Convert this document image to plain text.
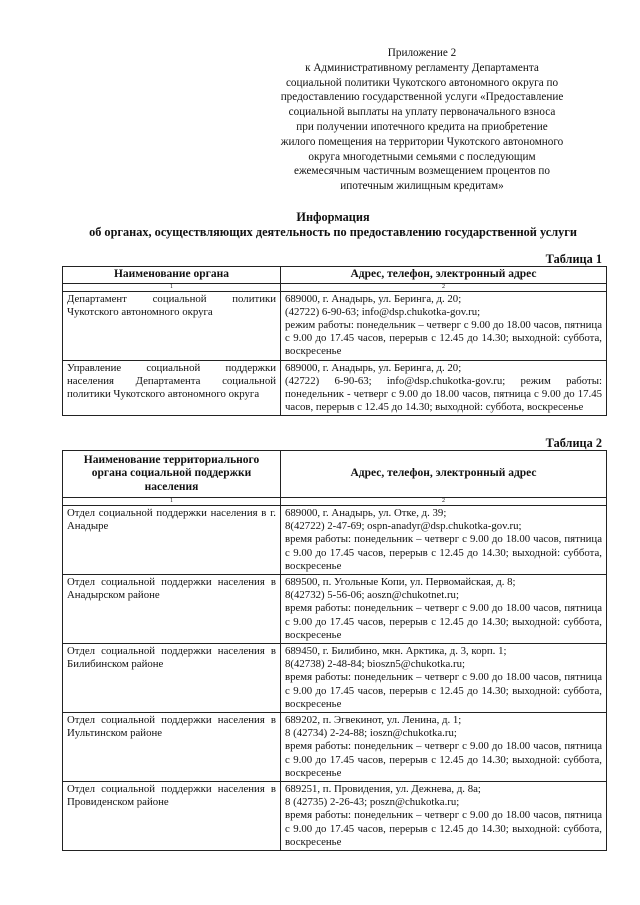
Приложение 2
к Административному регламенту Департамента
социальной политики Чукотского автономного округа по
предоставлению государственной услуги «Предоставление
социальной выплаты на уплату первоначального взноса
при получении ипотечного кредита на приобретение
жилого помещения на территории Чукотского автономного
округа многодетными семьями с последующим
ежемесячным частичным возмещением процентов по
ипотечным жилищным кредитам»
Информация
об органах, осуществляющих деятельность по предоставлению государственной услуги
Таблица 1
Наименование органа	Адрес, телефон, электронный адрес
1	2
Департамент социальной политики Чукотского автономного округа	689000, г. Анадырь, ул. Беринга, д. 20;
(42722) 6-90-63; info@dsp.chukotka-gov.ru;
режим работы: понедельник – четверг с 9.00 до 18.00 часов, пятница с 9.00 до 17.45 часов, перерыв с 12.45 до 14.30; выходной: суббота, воскресенье

Управление социальной поддержки населения Департамента социальной политики Чукотского автономного округа	689000, г. Анадырь, ул. Беринга, д. 20;
(42722) 6-90-63; info@dsp.chukotka-gov.ru; режим работы: понедельник - четверг с 9.00 до 18.00 часов, пятница с 9.00 до 17.45 часов, перерыв с 12.45 до 14.30; выходной: суббота, воскресенье
Таблица 2
Наименование территориального органа социальной поддержки населения	Адрес, телефон, электронный адрес
1	2
Отдел социальной поддержки населения в г. Анадыре	689000, г. Анадырь, ул. Отке, д. 39;
8(42722) 2-47-69; ospn-anadyr@dsp.chukotka-gov.ru;
время работы: понедельник – четверг с 9.00 до 18.00 часов, пятница с 9.00 до 17.45 часов, перерыв с 12.45 до 14.30; выходной: суббота, воскресенье

Отдел социальной поддержки населения в Анадырском районе	689500, п. Угольные Копи, ул. Первомайская, д. 8;
8(42732) 5-56-06; aoszn@chukotnet.ru;
время работы: понедельник – четверг с 9.00 до 18.00 часов, пятница с 9.00 до 17.45 часов, перерыв с 12.45 до 14.30; выходной: суббота, воскресенье

Отдел социальной поддержки населения в Билибинском районе	689450, г. Билибино, мкн. Арктика, д. 3, корп. 1;
8(42738) 2-48-84; bioszn5@chukotka.ru;
время работы: понедельник – четверг с 9.00 до 18.00 часов, пятница с 9.00 до 17.45 часов, перерыв с 12.45 до 14.30; выходной: суббота, воскресенье

Отдел социальной поддержки населения в Иультинском районе	689202, п. Эгвекинот, ул. Ленина, д. 1;
8 (42734) 2-24-88; ioszn@chukotka.ru;
время работы: понедельник – четверг с 9.00 до 18.00 часов, пятница с 9.00 до 17.45 часов, перерыв с 12.45 до 14.30; выходной: суббота, воскресенье

Отдел социальной поддержки населения в Провиденском районе	689251, п. Провидения, ул. Дежнева, д. 8а;
8 (42735) 2-26-43; poszn@chukotka.ru;
время работы: понедельник – четверг с 9.00 до 18.00 часов, пятница с 9.00 до 17.45 часов, перерыв с 12.45 до 14.30; выходной: суббота, воскресенье
